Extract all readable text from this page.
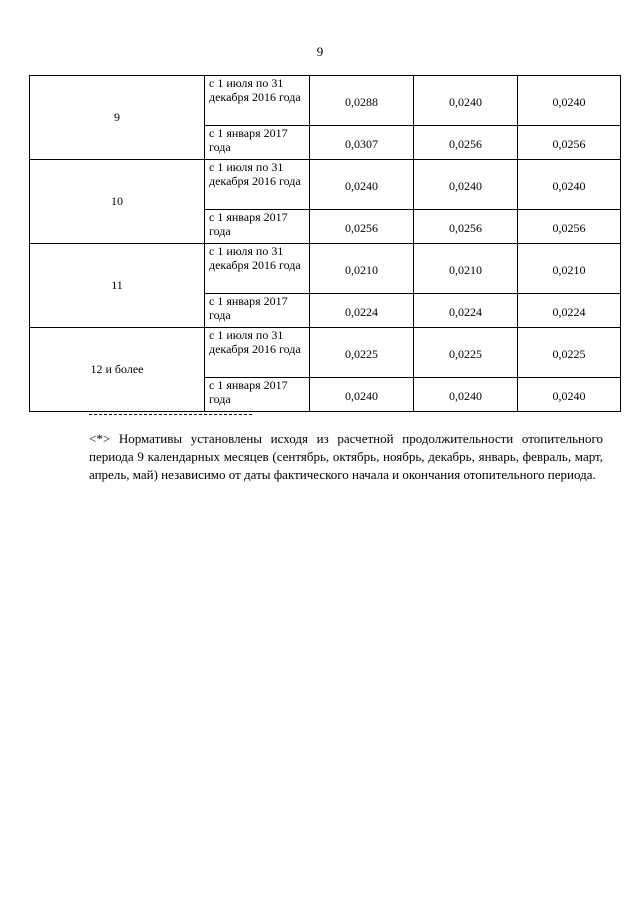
9
9	с 1 июля по 31 декабря 2016 года	0,0288	0,0240	0,0240
	с 1 января 2017 года	0,0307	0,0256	0,0256
10	с 1 июля по 31 декабря 2016 года	0,0240	0,0240	0,0240
	с 1 января 2017 года	0,0256	0,0256	0,0256
11	с 1 июля по 31 декабря 2016 года	0,0210	0,0210	0,0210
	с 1 января 2017 года	0,0224	0,0224	0,0224
12 и более	с 1 июля по 31 декабря 2016 года	0,0225	0,0225	0,0225
	с 1 января 2017 года	0,0240	0,0240	0,0240
<*> Нормативы установлены исходя из расчетной продолжительности отопительного периода 9 календарных месяцев (сентябрь, октябрь, ноябрь, декабрь, январь, февраль, март, апрель, май) независимо от даты фактического начала и окончания отопительного периода.
